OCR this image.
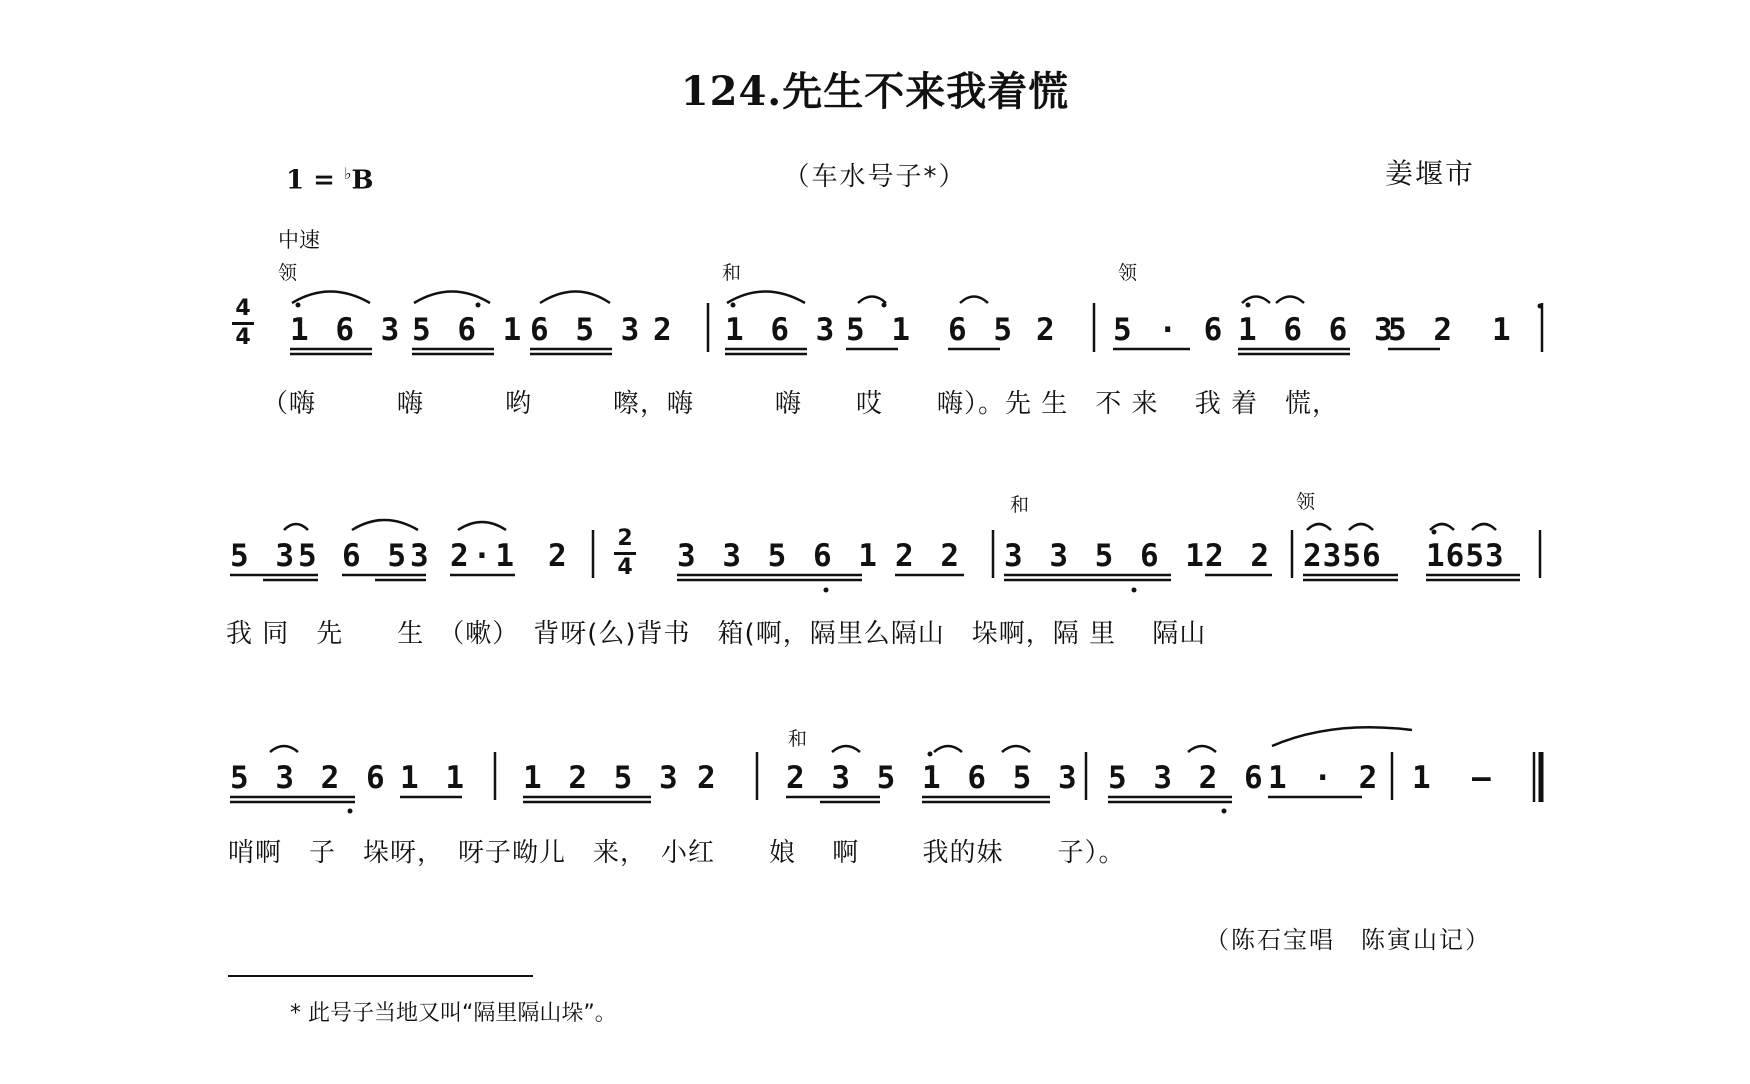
124.先生不来我着慌
1 = ♭B	（车水号子*）	姜堰市
中速
领	和	领
4
4 1 6 3 5 6 1 6 5 3 2 1 6 3 5 1 6 5 2 5 · 6 1 6 6 3
5 2 1
（嗨　　　嗨　　　哟　　　嚓，嗨　　　嗨　　哎　　嗨）。先 生　不 来　 我 着　慌，
和	领
2
4
5 35 6 53 2·1 2	3 3 5 6 1 2 2 3 3 5 6 1
2 2 2356 1653
我 同　先　　生　（嗽）　背呀(么)背书　箱(啊，隔里么隔山　垛啊，隔 里　 隔山
和
5 3 2 6 1 1 1 2 5 3 2 2 3 5 1 6 5 3 5 3 2 6 1 · 2 1 –
哨啊　子　垛呀，　呀子呦儿　来，　小红　　娘　 啊　　 我的妹　　子）。
（陈石宝唱　陈寅山记）
* 此号子当地又叫“隔里隔山垛”。
